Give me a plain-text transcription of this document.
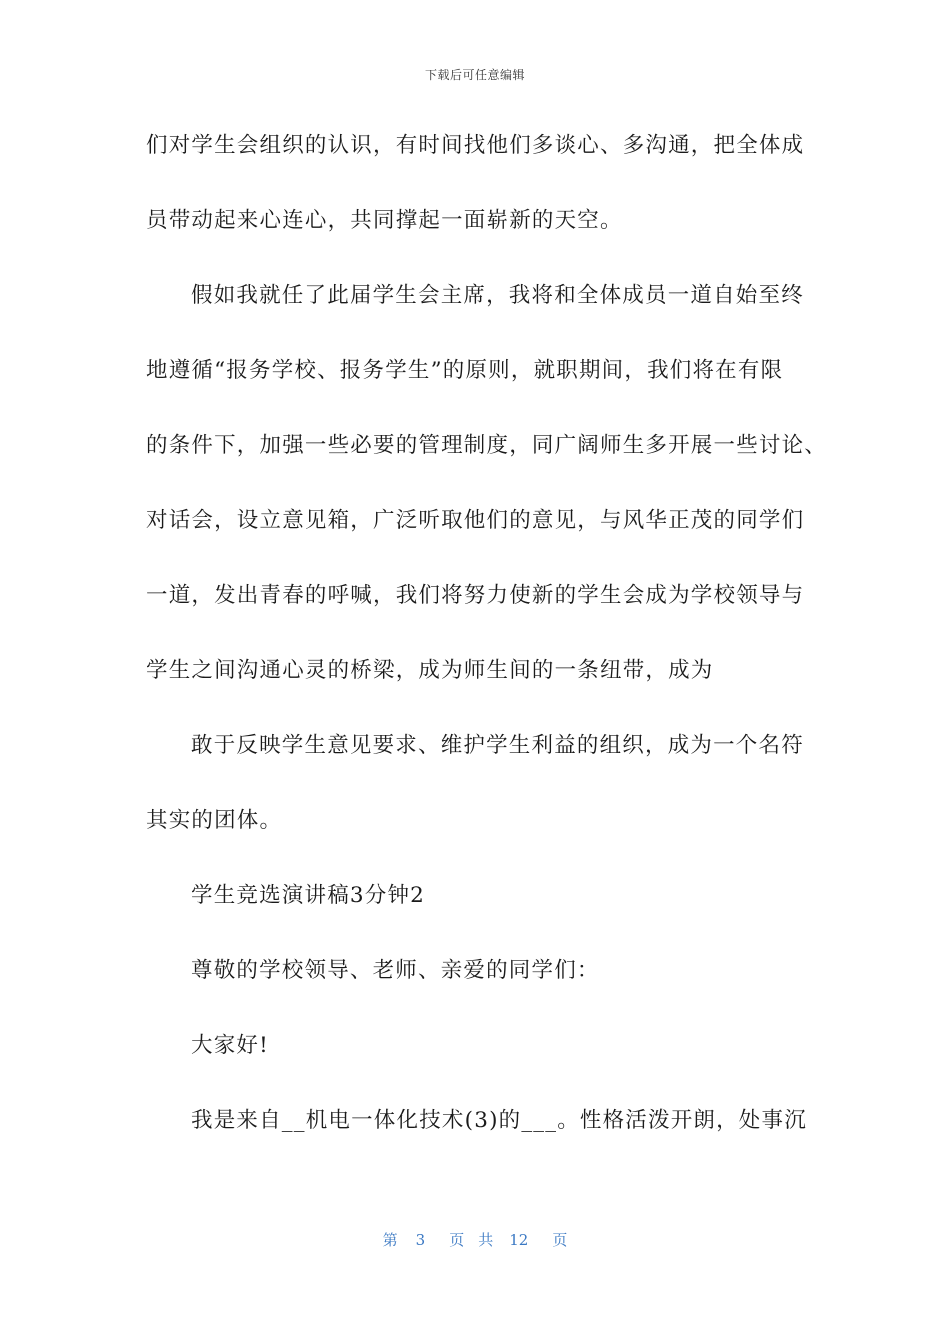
下载后可任意编辑
们对学生会组织的认识，有时间找他们多谈心、多沟通，把全体成
员带动起来心连心，共同撑起一面崭新的天空。
假如我就任了此届学生会主席，我将和全体成员一道自始至终
地遵循“报务学校、报务学生”的原则，就职期间，我们将在有限
的条件下，加强一些必要的管理制度，同广阔师生多开展一些讨论、
对话会，设立意见箱，广泛听取他们的意见，与风华正茂的同学们
一道，发出青春的呼喊，我们将努力使新的学生会成为学校领导与
学生之间沟通心灵的桥梁，成为师生间的一条纽带，成为
敢于反映学生意见要求、维护学生利益的组织，成为一个名符
其实的团体。
学生竞选演讲稿3分钟2
尊敬的学校领导、老师、亲爱的同学们：
大家好!
我是来自__机电一体化技术(3)的___。性格活泼开朗，处事沉
第 3 页 共 12 页
